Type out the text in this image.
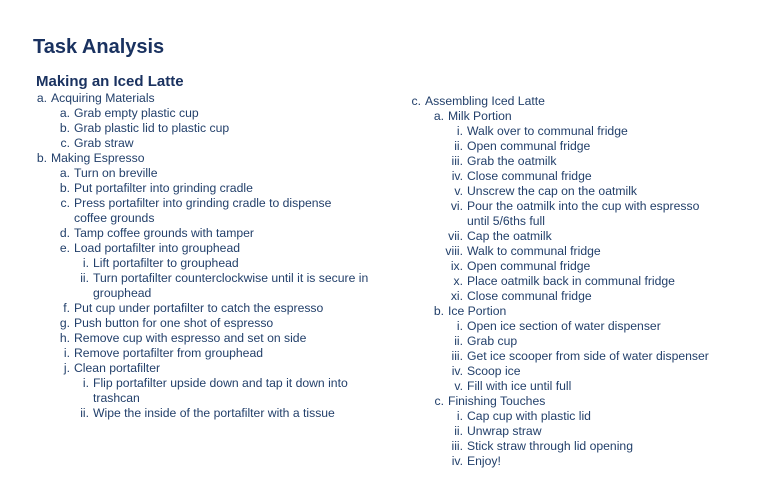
Task Analysis
Making an Iced Latte
a. Acquiring Materials
a. Grab empty plastic cup
b. Grab plastic lid to plastic cup
c. Grab straw
b. Making Espresso
a. Turn on breville
b. Put portafilter into grinding cradle
c. Press portafilter into grinding cradle to dispense
coffee grounds
d. Tamp coffee grounds with tamper
e. Load portafilter into grouphead
i. Lift portafilter to grouphead
ii. Turn portafilter counterclockwise until it is secure in
grouphead
f. Put cup under portafilter to catch the espresso
g. Push button for one shot of espresso
h. Remove cup with espresso and set on side
i. Remove portafilter from grouphead
j. Clean portafilter
i. Flip portafilter upside down and tap it down into
trashcan
ii. Wipe the inside of the portafilter with a tissue
c. Assembling Iced Latte
a. Milk Portion
i. Walk over to communal fridge
ii. Open communal fridge
iii. Grab the oatmilk
iv. Close communal fridge
v. Unscrew the cap on the oatmilk
vi. Pour the oatmilk into the cup with espresso
until 5/6ths full
vii. Cap the oatmilk
viii. Walk to communal fridge
ix. Open communal fridge
x. Place oatmilk back in communal fridge
xi. Close communal fridge
b. Ice Portion
i. Open ice section of water dispenser
ii. Grab cup
iii. Get ice scooper from side of water dispenser
iv. Scoop ice
v. Fill with ice until full
c. Finishing Touches
i. Cap cup with plastic lid
ii. Unwrap straw
iii. Stick straw through lid opening
iv. Enjoy!
